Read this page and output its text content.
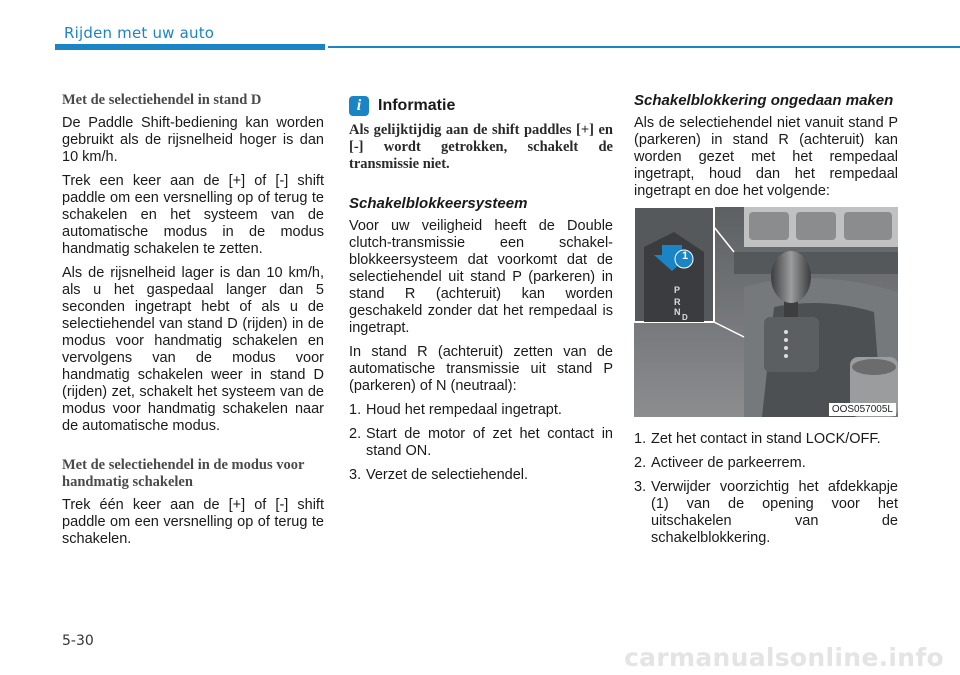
Rijden met uw auto
Met de selectiehendel in stand D

De Paddle Shift-bediening kan worden gebruikt als de rijsnelheid hoger is dan 10 km/h.

Trek een keer aan de [+] of [-] shift paddle om een versnelling op of terug te schakelen en het systeem van de automatische modus in de modus handmatig schakelen te zetten.

Als de rijsnelheid lager is dan 10 km/h, als u het gaspedaal langer dan 5 seconden ingetrapt hebt of als u de selectiehendel van stand D (rijden) in de modus voor handmatig schakelen en vervolgens van de modus voor handmatig schakelen weer in stand D (rijden) zet, schakelt het systeem van de modus voor handmatig schakelen naar de automatische modus.

Met de selectiehendel in de modus voor handmatig schakelen

Trek één keer aan de [+] of [-] shift paddle om een versnelling op of terug te schakelen.

i	Informatie
Als gelijktijdig aan de shift paddles [+] en [-] wordt getrokken, schakelt de transmissie niet.
Schakelblokkeersysteem

Voor uw veiligheid heeft de Double clutch-transmissie een schakel-blokkeersysteem dat voorkomt dat de selectiehendel uit stand P (parkeren) in stand R (achteruit) kan worden geschakeld zonder dat het rempedaal is ingetrapt.

In stand R (achteruit) zetten van de automatische transmissie uit stand P (parkeren) of N (neutraal):

1. Houd het rempedaal ingetrapt.
2. Start de motor of zet het contact in stand ON.
3. Verzet de selectiehendel.
Schakelblokkering ongedaan maken

Als de selectiehendel niet vanuit stand P (parkeren) in stand R (achteruit) kan worden gezet met het rempedaal ingetrapt, houd dan het rempedaal ingetrapt en doe het volgende:

1
P
R
N
D
OOS057005L
1. Zet het contact in stand LOCK/OFF.
2. Activeer de parkeerrem.
3. Verwijder voorzichtig het afdekkapje (1) van de opening voor het uitschakelen van de schakelblokkering.
5-30
carmanualsonline.info
